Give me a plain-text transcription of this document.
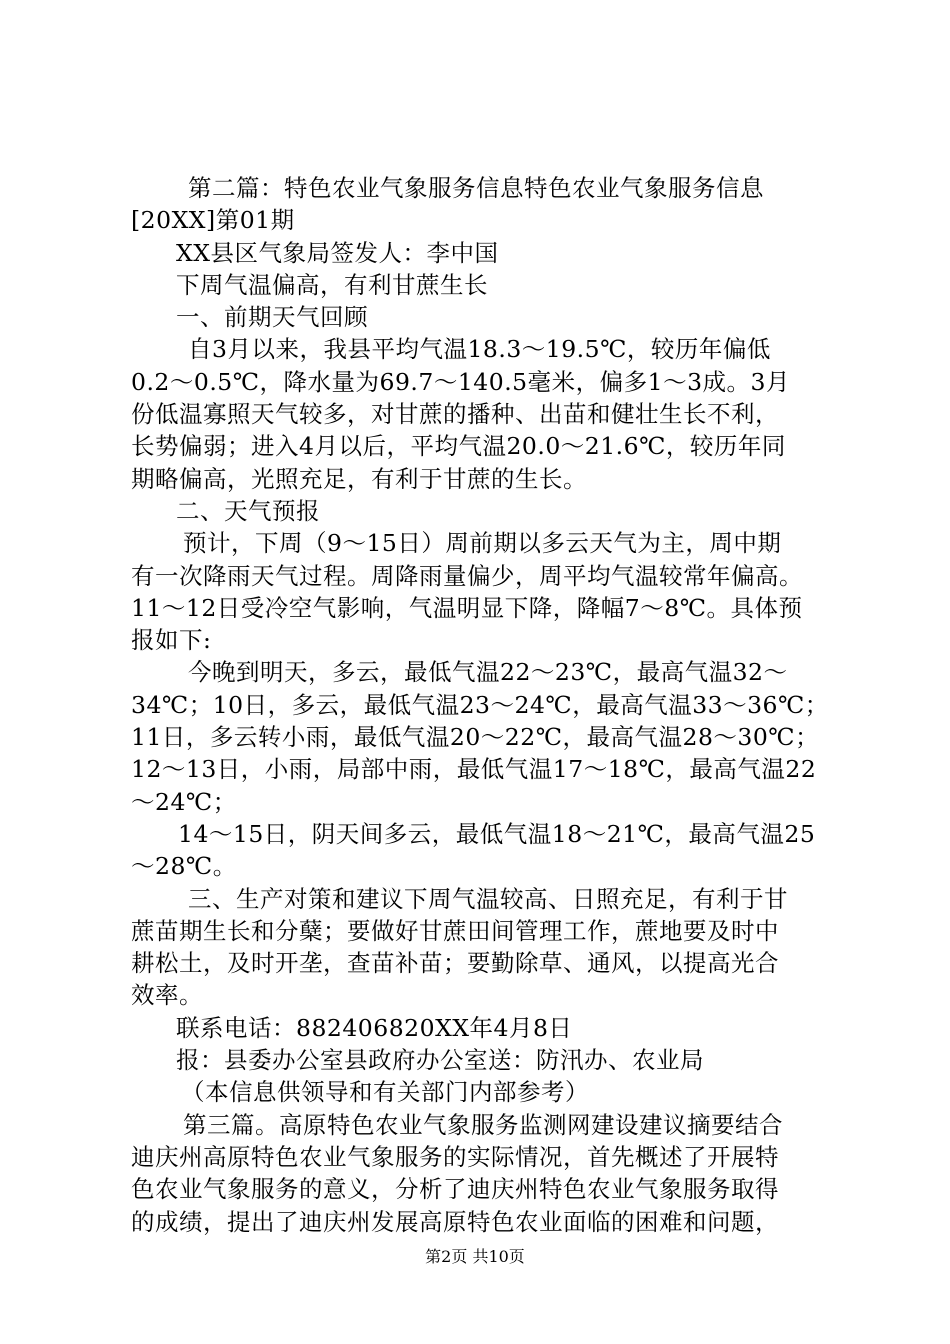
第二篇：特色农业气象服务信息特色农业气象服务信息
[20XX]第01期
XX县区气象局签发人：李中国
下周气温偏高，有利甘蔗生长
一、前期天气回顾
自3月以来，我县平均气温18.3～19.5℃，较历年偏低
0.2～0.5℃，降水量为69.7～140.5毫米，偏多1～3成。3月
份低温寡照天气较多，对甘蔗的播种、出苗和健壮生长不利，
长势偏弱；进入4月以后，平均气温20.0～21.6℃，较历年同
期略偏高，光照充足，有利于甘蔗的生长。
二、天气预报
预计，下周（9～15日）周前期以多云天气为主，周中期
有一次降雨天气过程。周降雨量偏少，周平均气温较常年偏高。
11～12日受冷空气影响，气温明显下降，降幅7～8℃。具体预
报如下:
今晚到明天，多云，最低气温22～23℃，最高气温32～
34℃；10日，多云，最低气温23～24℃，最高气温33～36℃；
11日，多云转小雨，最低气温20～22℃，最高气温28～30℃；
12～13日，小雨，局部中雨，最低气温17～18℃，最高气温22
～24℃；
14～15日，阴天间多云，最低气温18～21℃，最高气温25
～28℃。
三、生产对策和建议下周气温较高、日照充足，有利于甘
蔗苗期生长和分蘖；要做好甘蔗田间管理工作，蔗地要及时中
耕松土，及时开垄，查苗补苗；要勤除草、通风，以提高光合
效率。
联系电话：882406820XX年4月8日
报：县委办公室县政府办公室送：防汛办、农业局
（本信息供领导和有关部门内部参考）
第三篇。高原特色农业气象服务监测网建设建议摘要结合
迪庆州高原特色农业气象服务的实际情况，首先概述了开展特
色农业气象服务的意义，分析了迪庆州特色农业气象服务取得
的成绩，提出了迪庆州发展高原特色农业面临的困难和问题，
第2页 共10页
